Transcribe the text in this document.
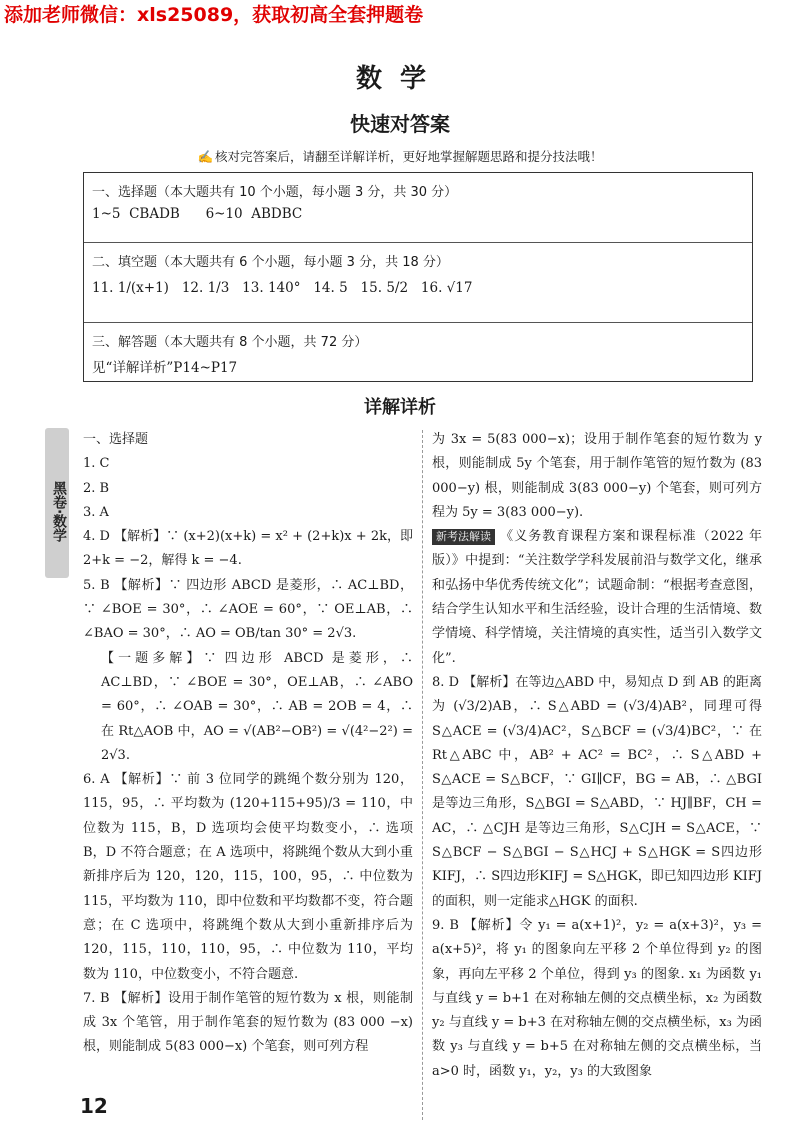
添加老师微信：xls25089，获取初高全套押题卷
数学
快速对答案
✍ 核对完答案后，请翻至详解详析，更好地掌握解题思路和提分技法哦！
一、选择题（本大题共有 10 个小题，每小题 3 分，共 30 分）
1~5  CBADB      6~10  ABDBC
二、填空题（本大题共有 6 个小题，每小题 3 分，共 18 分）
11. 1/(x+1)   12. 1/3   13. 140°   14. 5   15. 5/2   16. √17
三、解答题（本大题共有 8 个小题，共 72 分）
见“详解详析”P14~P17
详解详析
黑卷·数学
一、选择题
1. C
2. B
3. A
4. D 【解析】∵ (x+2)(x+k) = x² + (2+k)x + 2k，即 2+k = −2，解得 k = −4.
5. B 【解析】∵ 四边形 ABCD 是菱形，∴ AC⊥BD，∵ ∠BOE = 30°，∴ ∠AOE = 60°，∵ OE⊥AB，∴ ∠BAO = 30°，∴ AO = OB/tan 30° = 2√3.
【一题多解】∵ 四边形 ABCD 是菱形，∴ AC⊥BD，∵ ∠BOE = 30°，OE⊥AB，∴ ∠ABO = 60°，∴ ∠OAB = 30°，∴ AB = 2OB = 4，∴ 在 Rt△AOB 中，AO = √(AB²−OB²) = √(4²−2²) = 2√3.
6. A 【解析】∵ 前 3 位同学的跳绳个数分别为 120，115，95，∴ 平均数为 (120+115+95)/3 = 110，中位数为 115，B，D 选项均会使平均数变小，∴ 选项 B，D 不符合题意；在 A 选项中，将跳绳个数从大到小重新排序后为 120，120，115，100，95，∴ 中位数为 115，平均数为 110，即中位数和平均数都不变，符合题意；在 C 选项中，将跳绳个数从大到小重新排序后为 120，115，110，110，95，∴ 中位数为 110，平均数为 110，中位数变小，不符合题意.
7. B 【解析】设用于制作笔管的短竹数为 x 根，则能制成 3x 个笔管，用于制作笔套的短竹数为 (83 000 −x) 根，则能制成 5(83 000−x) 个笔套，则可列方程
为 3x = 5(83 000−x)；设用于制作笔套的短竹数为 y 根，则能制成 5y 个笔套，用于制作笔管的短竹数为 (83 000−y) 根，则能制成 3(83 000−y) 个笔套，则可列方程为 5y = 3(83 000−y).
新考法解读 《义务教育课程方案和课程标准（2022 年版）》中提到：“关注数学学科发展前沿与数学文化，继承和弘扬中华优秀传统文化”；试题命制：“根据考查意图，结合学生认知水平和生活经验，设计合理的生活情境、数学情境、科学情境，关注情境的真实性，适当引入数学文化”.
8. D 【解析】在等边△ABD 中，易知点 D 到 AB 的距离为 (√3/2)AB，∴ S△ABD = (√3/4)AB²，同理可得 S△ACE = (√3/4)AC²，S△BCF = (√3/4)BC²，∵ 在 Rt△ABC 中，AB² + AC² = BC²，∴ S△ABD + S△ACE = S△BCF，∵ GI∥CF，BG = AB，∴ △BGI 是等边三角形，S△BGI = S△ABD，∵ HJ∥BF，CH = AC，∴ △CJH 是等边三角形，S△CJH = S△ACE，∵ S△BCF − S△BGI − S△HCJ + S△HGK = S四边形KIFJ，∴ S四边形KIFJ = S△HGK，即已知四边形 KIFJ 的面积，则一定能求△HGK 的面积.
9. B 【解析】令 y₁ = a(x+1)²，y₂ = a(x+3)²，y₃ = a(x+5)²，将 y₁ 的图象向左平移 2 个单位得到 y₂ 的图象，再向左平移 2 个单位，得到 y₃ 的图象. x₁ 为函数 y₁ 与直线 y = b+1 在对称轴左侧的交点横坐标，x₂ 为函数 y₂ 与直线 y = b+3 在对称轴左侧的交点横坐标，x₃ 为函数 y₃ 与直线 y = b+5 在对称轴左侧的交点横坐标，当 a>0 时，函数 y₁，y₂，y₃ 的大致图象
12
